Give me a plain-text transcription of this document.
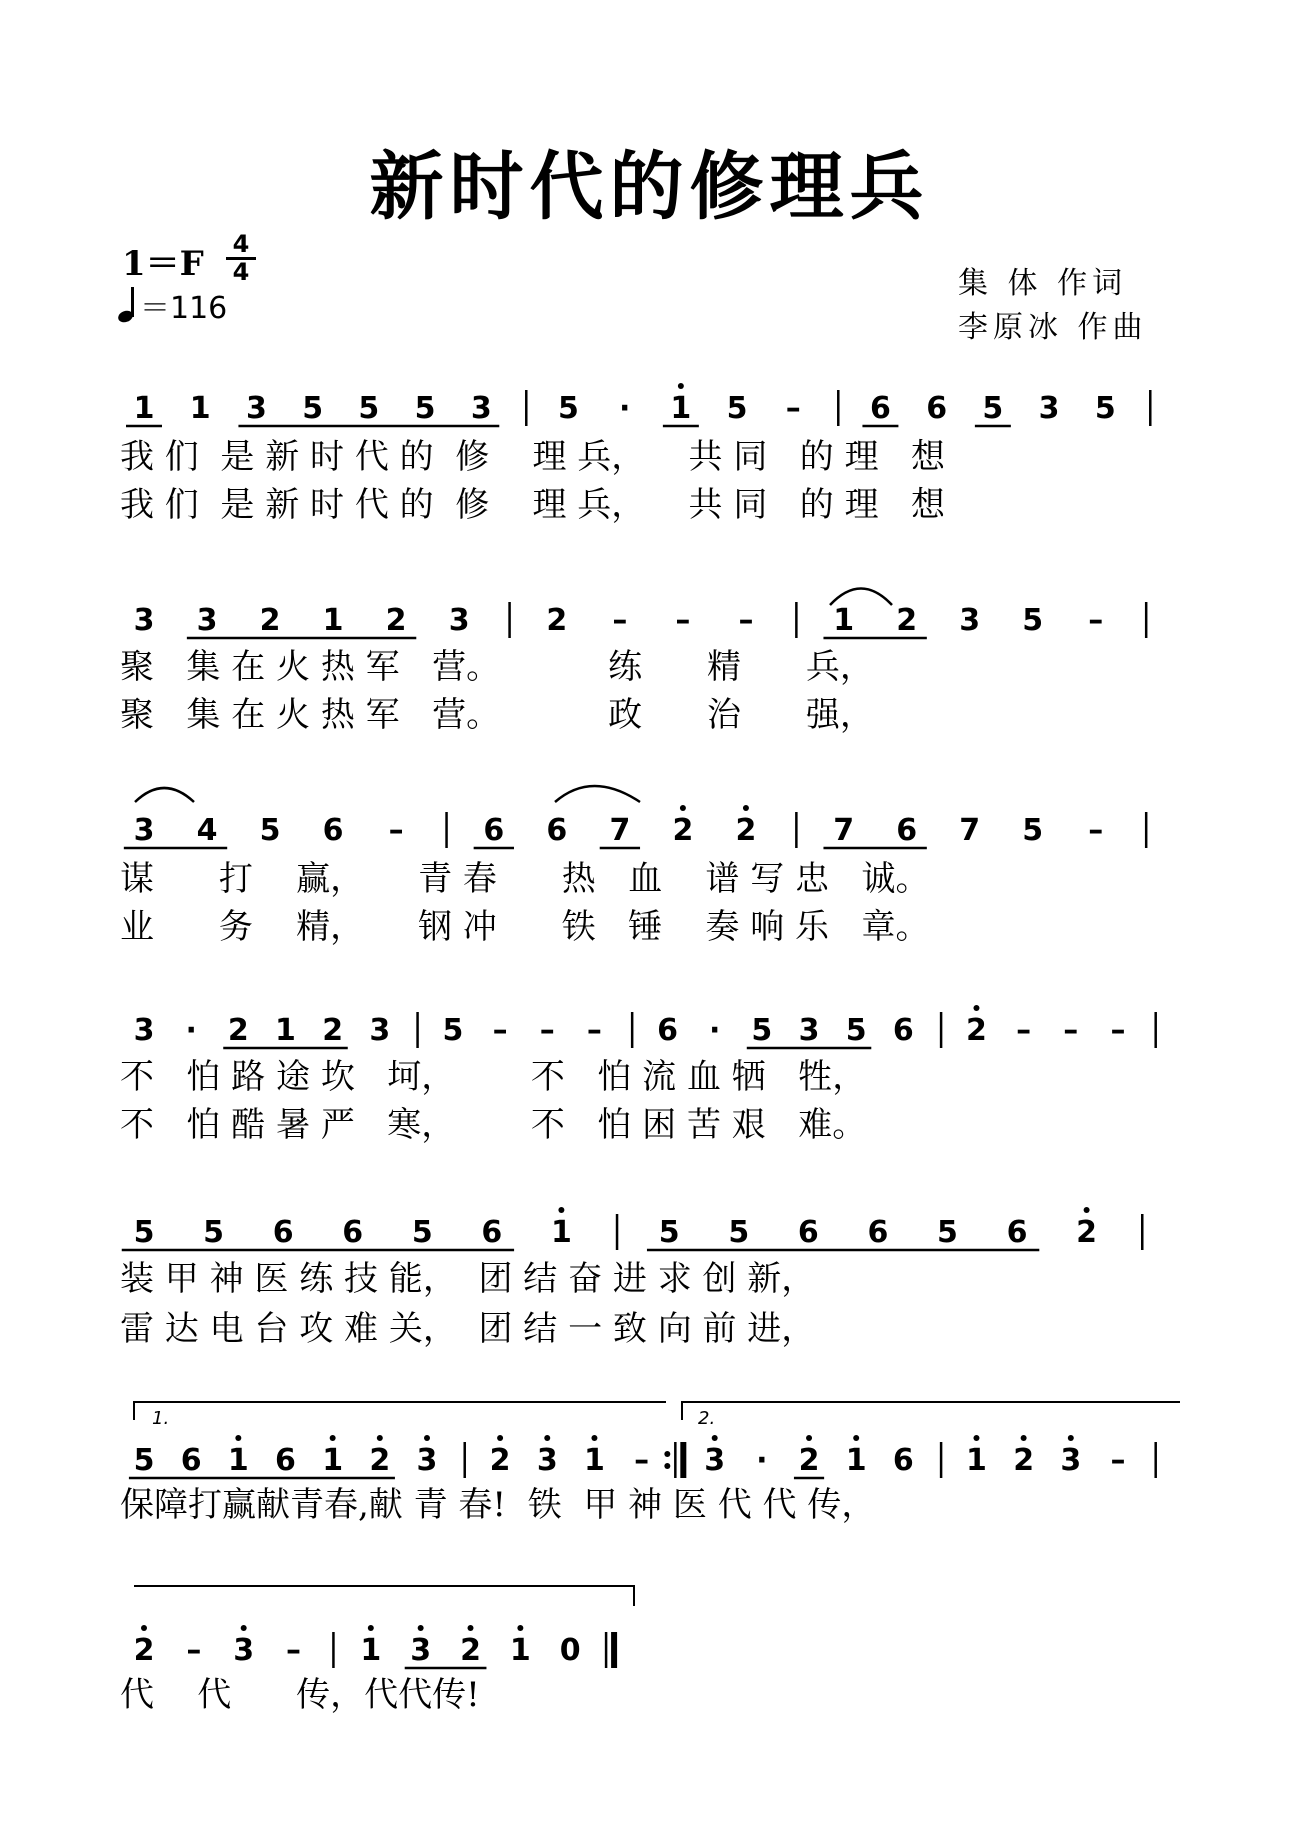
新时代的修理兵
$1=F \frac{4}{4}$
＝116
集 体 作词
李原冰 作曲
1 1 3 5 5 5 3 5 · 1 5 – 6 6 5 3 5
我 们  是 新 时 代 的  修    理 兵，    共 同   的 理   想
我 们  是 新 时 代 的  修    理 兵，    共 同   的 理   想
3 3 2 1 2 3	2 – – –	1 2 3 5 –
聚   集 在 火 热 军   营。          练      精      兵，
聚   集 在 火 热 军   营。          政      治      强，
3 4 5 6 –	6 6 7 2 2	7 6 7 5 –
谋      打    赢，     青 春      热   血    谱 写 忠   诚。
业      务    精，     钢 冲      铁   锤    奏 响 乐   章。
3 · 2 1 2 3 5 – – – 6 · 5 3 5 6 2 – – –
不   怕 路 途 坎   坷，       不   怕 流 血 牺   牲，
不   怕 酷 暑 严   寒，       不   怕 困 苦 艰   难。
5 5 6 6 5 6 1	5 5 6 6 5 6 2
装 甲 神 医 练 技 能，  团 结 奋 进 求 创 新，
雷 达 电 台 攻 难 关，  团 结 一 致 向 前 进，
5 6 1 6 1 2 3 2 3 1 – 3 · 2 1 6 1 2 3 –
保障打赢献青春,献 青 春!  铁  甲 神 医 代 代 传，
2 – 3 – 1 3 2 1 0
代    代      传，代代传!
1.	2.
